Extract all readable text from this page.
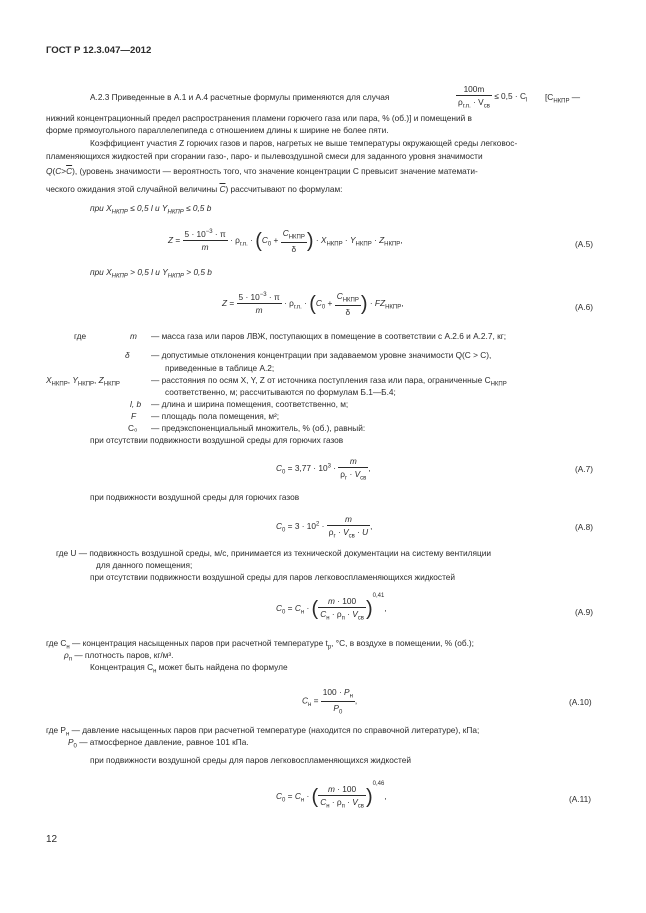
ГОСТ Р 12.3.047—2012
A.2.3 Приведенные в А.1 и А.4 расчетные формулы применяются для случая	$\frac{100m}{\rho_{г.п.} \cdot V_{св}} \le 0,5 \cdot C_l$ [$C_{НКПР}$ —
нижний концентрационный предел распространения пламени горючего газа или пара, % (об.)] и помещений в
форме прямоугольного параллелепипеда с отношением длины к ширине не более пяти.
Коэффициент участия Z горючих газов и паров, нагретых не выше температуры окружающей среды легковос-
пламеняющихся жидкостей при сгорании газо-, паро- и пылевоздушной смеси для заданного уровня значимости
$Q(C>\overline{C})$, (уровень значимости — вероятность того, что значение концентрации С превысит значение математи-
ческого ожидания этой случайной величины $\overline{C}$) рассчитывают по формулам:
при $X_{НКПР} \le 0,5$ l и $Y_{НКПР} \le 0,5$ b
$Z = \frac{5 \cdot 10^{-3} \cdot \pi}{m} \cdot \rho_{г.п.} \cdot (C_0 + \frac{C_{НКПР}}{\delta}$ ) · $X_{НКПР} \cdot Y_{НКПР} \cdot Z_{НКПР}$,	(А.5)
при $X_{НКПР} > 0,5$ l и $Y_{НКПР} > 0,5$ b
$Z = \frac{5 \cdot 10^{-3} \cdot \pi}{m} \cdot \rho_{г.п.} \cdot (C_0 + \frac{C_{НКПР}}{\delta}$ ) · $FZ_{НКПР}$,	(А.6)
где	m — масса газа или паров ЛВЖ, поступающих в помещение в соответствии с А.2.6 и А.2.7, кг;
δ	— допустимые отклонения концентрации при задаваемом уровне значимости Q(С > C),
приведенные в таблице А.2;
$X_{НКПР}$, $Y_{НКПР}$, $Z_{НКПР}$	— расстояния по осям X, Y, Z от источника поступления газа или пара, ограниченные $C_{НКПР}$
соответственно, м; рассчитываются по формулам Б.1—Б.4;
l, b — длина и ширина помещения, соответственно, м;
F — площадь пола помещения, м²;
C₀ — предэкспоненциальный множитель, % (об.), равный:
при отсутствии подвижности воздушной среды для горючих газов
$C_0 = 3,77 \cdot 10^3 \cdot \frac{m}{\rho_г \cdot V_{св}}$ ,	(А.7)
при подвижности воздушной среды для горючих газов
$C_0 = 3 \cdot 10^2 \cdot \frac{m}{\rho_г \cdot V_{св} \cdot U}$ ,	(А.8)
где U — подвижность воздушной среды, м/с, принимается из технической документации на систему вентиляции
для данного помещения;
при отсутствии подвижности воздушной среды для паров легковоспламеняющихся жидкостей
$C_0 = C_н$ · ( $\frac{m \cdot 100}{C_н \cdot \rho_п \cdot V_{св}} )^{0,41}$,	(А.9)
где $C_н$ — концентрация насыщенных паров при расчетной температуре $t_р$, °С, в воздухе в помещении, % (об.);
$\rho_п$ — плотность паров, кг/м³.
Концентрация $C_н$ может быть найдена по формуле
$C_н = \frac{100 \cdot P_н}{P_0}$ ,	(А.10)
где $P_н$ — давление насыщенных паров при расчетной температуре (находится по справочной литературе), кПа;
$P_0$ — атмосферное давление, равное 101 кПа.
при подвижности воздушной среды для паров легковоспламеняющихся жидкостей
$C_0 = C_н$ · ( $\frac{m \cdot 100}{C_н \cdot \rho_п \cdot V_{св}} )^{0,46}$,	(А.11)
12
